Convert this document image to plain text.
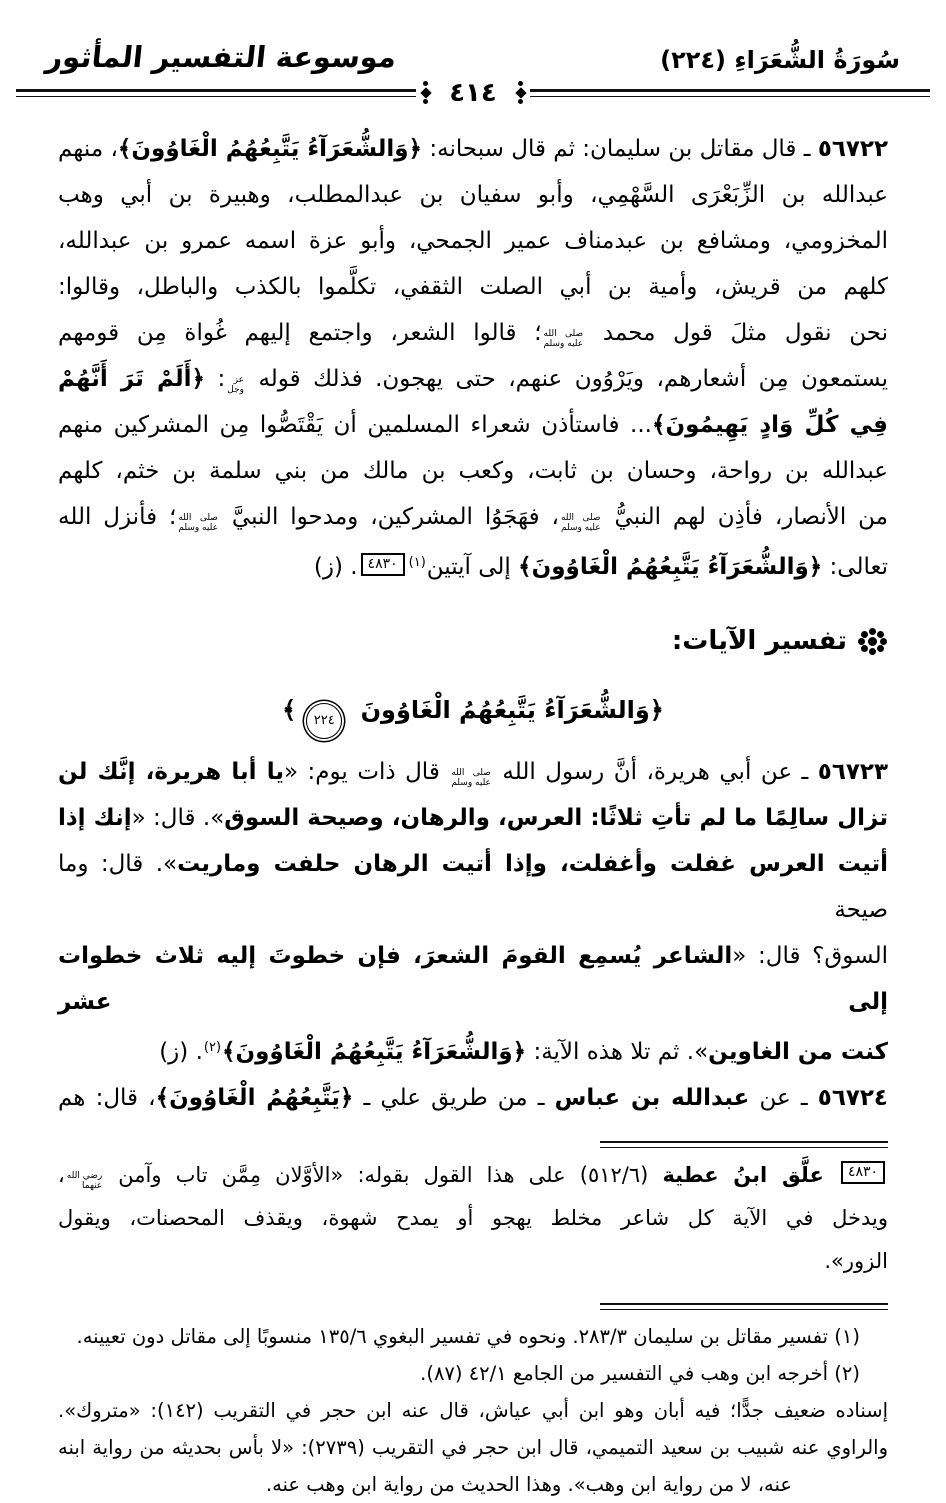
سُورَةُ الشُّعَرَاءِ (٢٢٤)
موسوعة التفسير المأثور
٤١٤
٥٦٧٢٢ ـ قال مقاتل بن سليمان: ثم قال سبحانه: ﴿وَالشُّعَرَآءُ يَتَّبِعُهُمُ الْغَاوُونَ﴾، منهم
عبدالله بن الزِّبَعْرَى السَّهْمِي، وأبو سفيان بن عبدالمطلب، وهبيرة بن أبي وهب
المخزومي، ومشافع بن عبدمناف عمير الجمحي، وأبو عزة اسمه عمرو بن عبدالله،
كلهم من قريش، وأمية بن أبي الصلت الثقفي، تكلَّموا بالكذب والباطل، وقالوا:
نحن نقول مثلَ قول محمد
صلى الله
عليه وسلم
؛ قالوا الشعر، واجتمع إليهم غُواة مِن قومهم
يستمعون مِن أشعارهم، ويَرْوُون عنهم، حتى يهجون. فذلك قوله
عز
وجل
: ﴿أَلَمْ تَرَ أَنَّهُمْ
فِي كُلِّ وَادٍ يَهِيمُونَ﴾... فاستأذن شعراء المسلمين أن يَقْتَصُّوا مِن المشركين منهم
عبدالله بن رواحة، وحسان بن ثابت، وكعب بن مالك من بني سلمة بن خثم، كلهم
من الأنصار، فأذِن لهم النبيُّ
صلى الله
عليه وسلم
، فهَجَوُا المشركين، ومدحوا النبيَّ
صلى الله
عليه وسلم
؛ فأنزل الله
تعالى: ﴿وَالشُّعَرَآءُ يَتَّبِعُهُمُ الْغَاوُونَ﴾ إلى آيتين$^{(١)}$٤٨٣٠. (ز)
تفسير الآيات:
﴿وَالشُّعَرَآءُ يَتَّبِعُهُمُ الْغَاوُونَ ٢٢٤﴾
٥٦٧٢٣ ـ عن أبي هريرة، أنَّ رسول الله
صلى الله
عليه وسلم
قال ذات يوم: «يا أبا هريرة، إنَّك لن
تزال سالِمًا ما لم تأتِ ثلاثًا: العرس، والرهان، وصيحة السوق». قال: «إنك إذا
أتيت العرس غفلت وأغفلت، وإذا أتيت الرهان حلفت وماريت». قال: وما صيحة
السوق؟ قال: «الشاعر يُسمِع القومَ الشعرَ، فإن خطوتَ إليه ثلاث خطوات إلى عشر
كنت من الغاوين». ثم تلا هذه الآية: ﴿وَالشُّعَرَآءُ يَتَّبِعُهُمُ الْغَاوُونَ﴾$^{(٢)}$. (ز)
٥٦٧٢٤ ـ عن عبدالله بن عباس ـ من طريق علي ـ ﴿يَتَّبِعُهُمُ الْغَاوُونَ﴾، قال: هم
٤٨٣٠ علَّق ابنُ عطية (٥١٢/٦) على هذا القول بقوله: «الأوَّلان مِمَّن تاب وآمن
رضي الله
عنهما
،
ويدخل في الآية كل شاعر مخلط يهجو أو يمدح شهوة، ويقذف المحصنات، ويقول
الزور».
(١) تفسير مقاتل بن سليمان ٢٨٣/٣. ونحوه في تفسير البغوي ١٣٥/٦ منسوبًا إلى مقاتل دون تعيينه.
(٢) أخرجه ابن وهب في التفسير من الجامع ٤٢/١ (٨٧).
إسناده ضعيف جدًّا؛ فيه أبان وهو ابن أبي عياش، قال عنه ابن حجر في التقريب (١٤٢): «متروك».
والراوي عنه شبيب بن سعيد التميمي، قال ابن حجر في التقريب (٢٧٣٩): «لا بأس بحديثه من رواية ابنه
عنه، لا من رواية ابن وهب». وهذا الحديث من رواية ابن وهب عنه.
